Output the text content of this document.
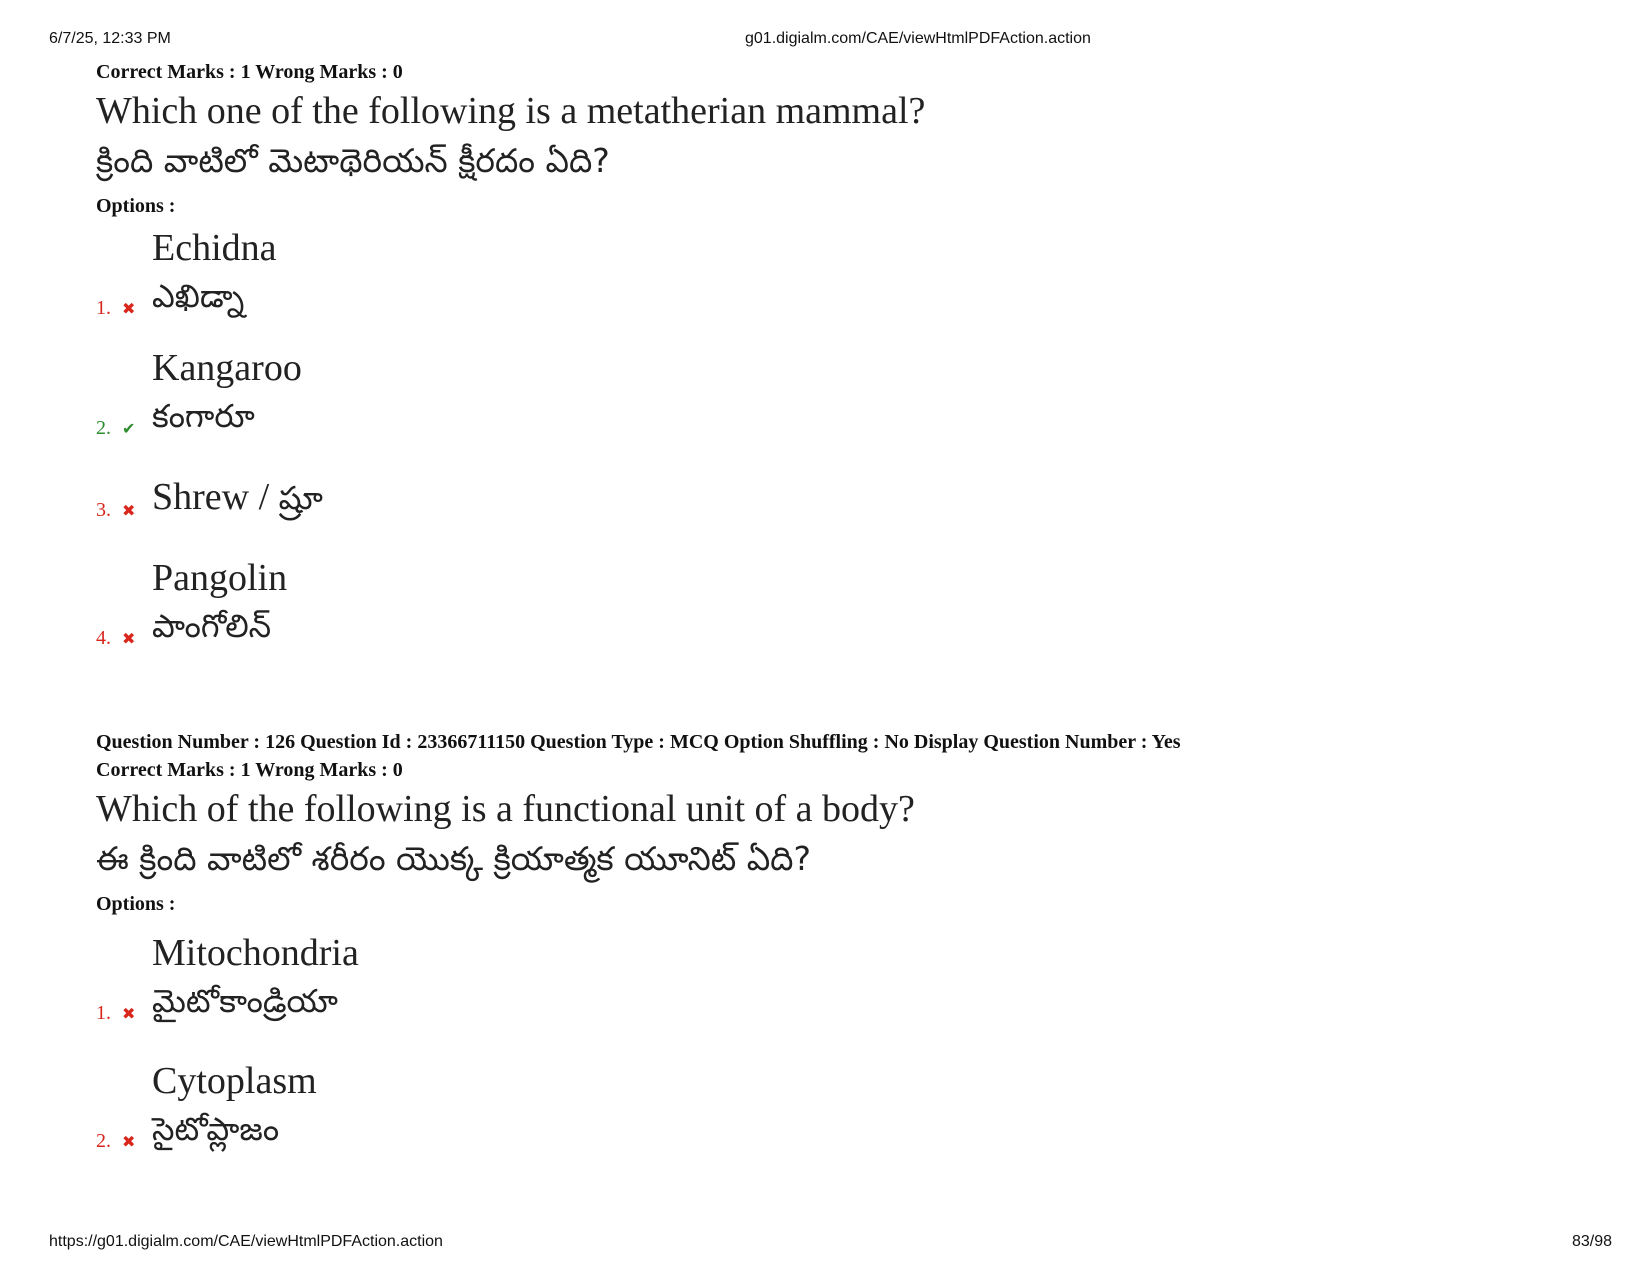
6/7/25, 12:33 PM	g01.digialm.com/CAE/viewHtmlPDFAction.action
Correct Marks : 1 Wrong Marks : 0
Which one of the following is a metatherian mammal?
క్రింది వాటిలో మెటాథెరియన్ క్షీరదం ఏది?
Options :
1. ✖
Echidna
ఎఖిడ్నా
2. ✔
Kangaroo
కంగారూ
3. ✖ Shrew / ష్రూ
4. ✖
Pangolin
పాంగోలిన్
Question Number : 126 Question Id : 23366711150 Question Type : MCQ Option Shuffling : No Display Question Number : Yes
Correct Marks : 1 Wrong Marks : 0
Which of the following is a functional unit of a body?
ఈ క్రింది వాటిలో శరీరం యొక్క క్రియాత్మక యూనిట్ ఏది?
Options :
1. ✖
Mitochondria
మైటోకాండ్రియా
2. ✖
Cytoplasm
సైటోప్లాజం
https://g01.digialm.com/CAE/viewHtmlPDFAction.action	83/98
